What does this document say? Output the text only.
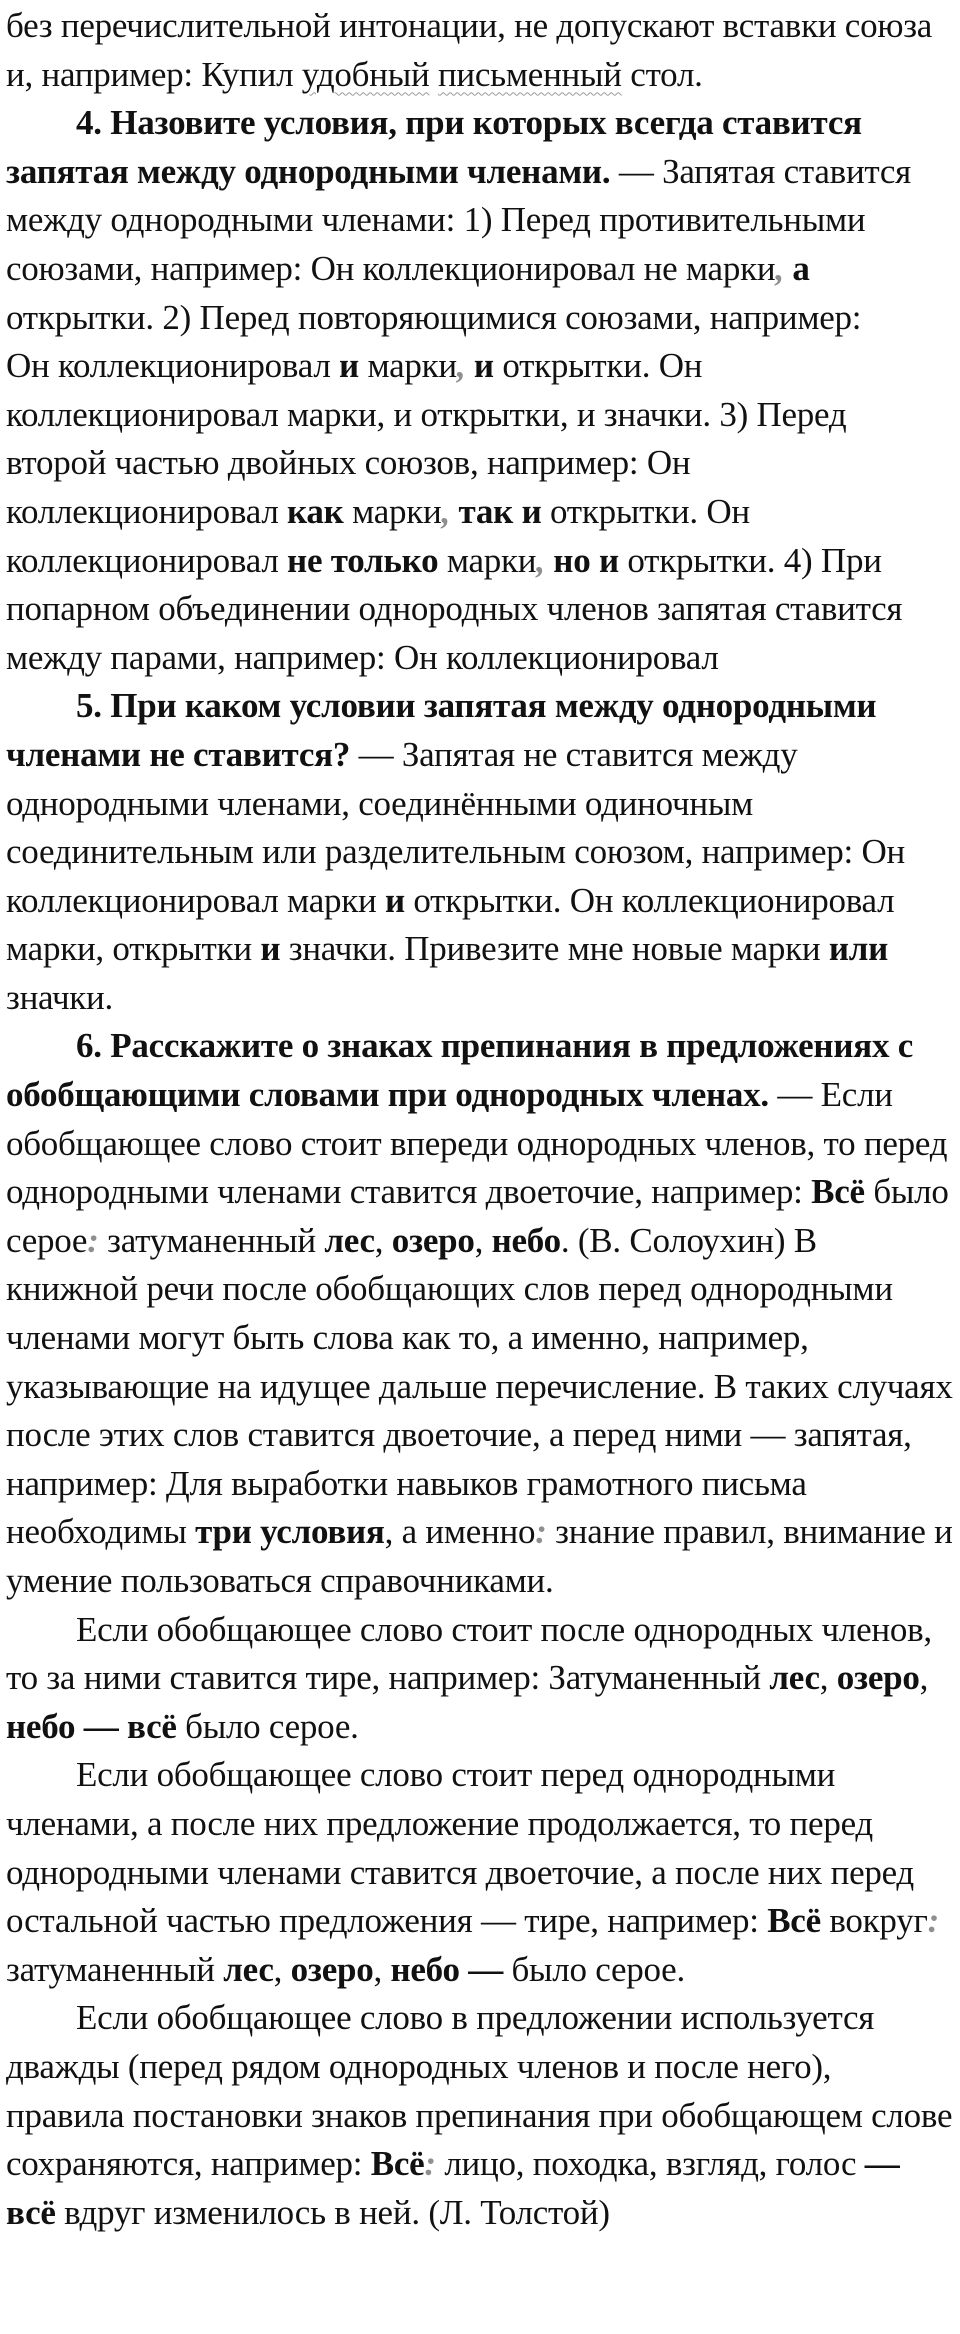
без перечислительной интонации, не допускают вставки союза и, например: Купил удобный письменный стол.

4. Назовите условия, при которых всегда ставится запятая между однородными членами. — Запятая ставится между однородными членами: 1) Перед противительными союзами, например: Он коллекционировал не марки, а открытки. 2) Перед повторяющимися союзами, например:
Он коллекционировал и марки, и открытки. Он коллекционировал марки, и открытки, и значки. 3) Перед второй частью двойных союзов, например: Он коллекционировал как марки, так и открытки. Он коллекционировал не только марки, но и открытки. 4) При попарном объединении однородных членов запятая ставится между парами, например: Он коллекционировал

5. При каком условии запятая между однородными членами не ставится? — Запятая не ставится между однородными членами, соединёнными одиночным соединительным или разделительным союзом, например: Он коллекционировал марки и открытки. Он коллекционировал марки, открытки и значки. Привезите мне новые марки или значки.

6. Расскажите о знаках препинания в предложениях с обобщающими словами при однородных членах. — Если обобщающее слово стоит впереди однородных членов, то перед однородными членами ставится двоеточие, например: Всё было серое: затуманенный лес, озеро, небо. (В. Солоухин) В книжной речи после обобщающих слов перед однородными членами могут быть слова как то, а именно, например, указывающие на идущее дальше перечисление. В таких случаях после этих слов ставится двоеточие, а перед ними — запятая, например: Для выработки навыков грамотного письма необходимы три условия, а именно: знание правил, внимание и умение пользоваться справочниками.

Если обобщающее слово стоит после однородных членов, то за ними ставится тире, например: Затуманенный лес, озеро, небо — всё было серое.

Если обобщающее слово стоит перед однородными членами, а после них предложение продолжается, то перед однородными членами ставится двоеточие, а после них перед остальной частью предложения — тире, например: Всё вокруг: затуманенный лес, озеро, небо — было серое.

Если обобщающее слово в предложении используется дважды (перед рядом однородных членов и после него), правила постановки знаков препинания при обобщающем слове сохраняются, например: Всё: лицо, походка, взгляд, голос — всё вдруг изменилось в ней. (Л. Толстой)
